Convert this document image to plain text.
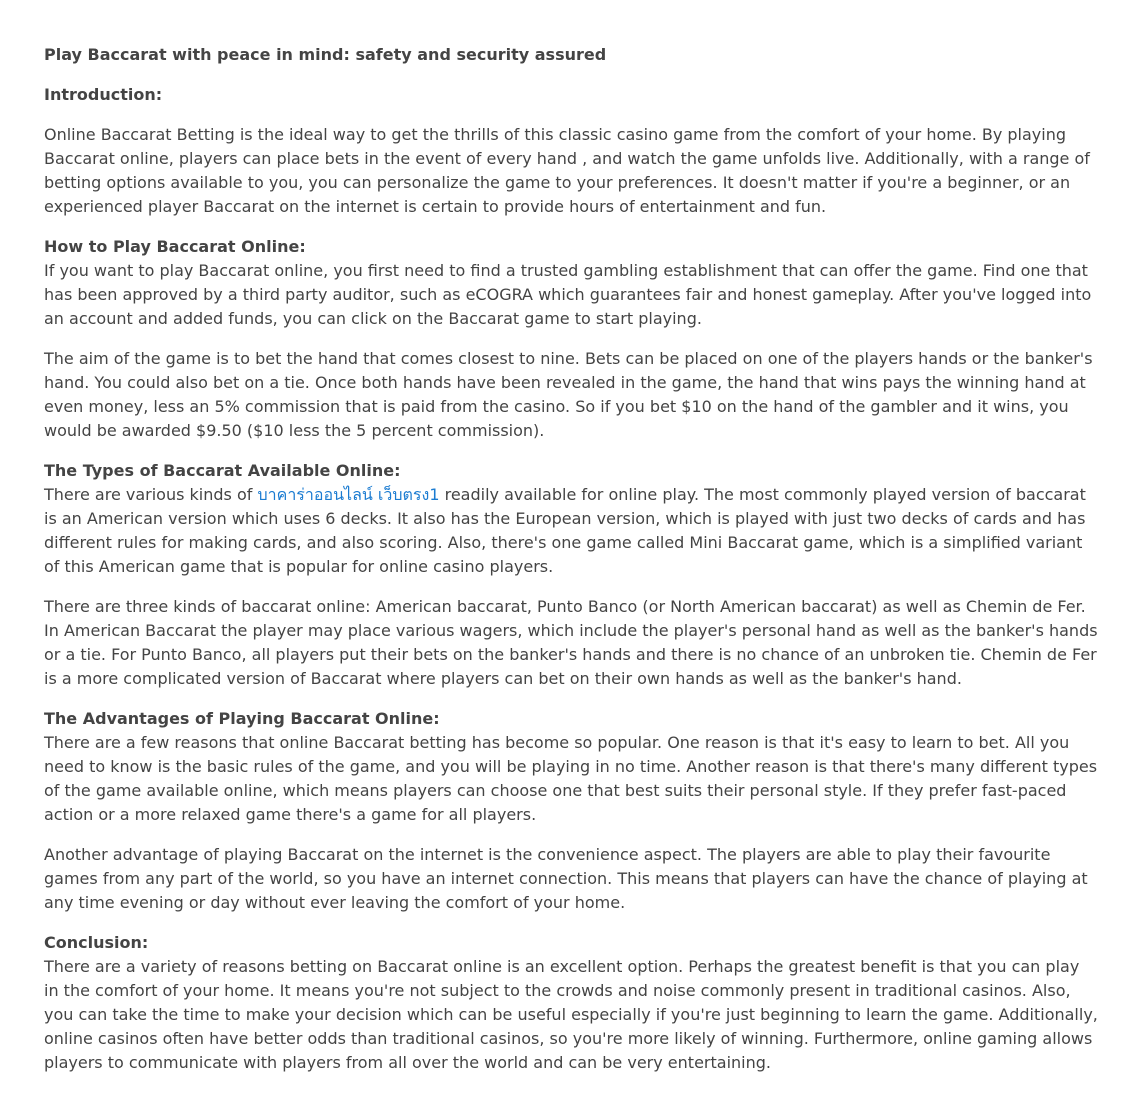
Play Baccarat with peace in mind: safety and security assured
Introduction:

Online Baccarat Betting is the ideal way to get the thrills of this classic casino game from the comfort of your home. By playing Baccarat online, players can place bets in the event of every hand , and watch the game unfolds live. Additionally, with a range of betting options available to you, you can personalize the game to your preferences. It doesn't matter if you're a beginner, or an experienced player Baccarat on the internet is certain to provide hours of entertainment and fun.

How to Play Baccarat Online:
If you want to play Baccarat online, you first need to find a trusted gambling establishment that can offer the game. Find one that has been approved by a third party auditor, such as eCOGRA which guarantees fair and honest gameplay. After you've logged into an account and added funds, you can click on the Baccarat game to start playing.

The aim of the game is to bet the hand that comes closest to nine. Bets can be placed on one of the players hands or the banker's hand. You could also bet on a tie. Once both hands have been revealed in the game, the hand that wins pays the winning hand at even money, less an 5% commission that is paid from the casino. So if you bet $10 on the hand of the gambler and it wins, you would be awarded $9.50 ($10 less the 5 percent commission).

The Types of Baccarat Available Online:
There are various kinds of บาคาร่าออนไลน์ เว็บตรง1 readily available for online play. The most commonly played version of baccarat is an American version which uses 6 decks. It also has the European version, which is played with just two decks of cards and has different rules for making cards, and also scoring. Also, there's one game called Mini Baccarat game, which is a simplified variant of this American game that is popular for online casino players.

There are three kinds of baccarat online: American baccarat, Punto Banco (or North American baccarat) as well as Chemin de Fer. In American Baccarat the player may place various wagers, which include the player's personal hand as well as the banker's hands or a tie. For Punto Banco, all players put their bets on the banker's hands and there is no chance of an unbroken tie. Chemin de Fer is a more complicated version of Baccarat where players can bet on their own hands as well as the banker's hand.

The Advantages of Playing Baccarat Online:
There are a few reasons that online Baccarat betting has become so popular. One reason is that it's easy to learn to bet. All you need to know is the basic rules of the game, and you will be playing in no time. Another reason is that there's many different types of the game available online, which means players can choose one that best suits their personal style. If they prefer fast-paced action or a more relaxed game there's a game for all players.

Another advantage of playing Baccarat on the internet is the convenience aspect. The players are able to play their favourite games from any part of the world, so you have an internet connection. This means that players can have the chance of playing at any time evening or day without ever leaving the comfort of your home.

Conclusion:
There are a variety of reasons betting on Baccarat online is an excellent option. Perhaps the greatest benefit is that you can play in the comfort of your home. It means you're not subject to the crowds and noise commonly present in traditional casinos. Also, you can take the time to make your decision which can be useful especially if you're just beginning to learn the game. Additionally, online casinos often have better odds than traditional casinos, so you're more likely of winning. Furthermore, online gaming allows players to communicate with players from all over the world and can be very entertaining.
